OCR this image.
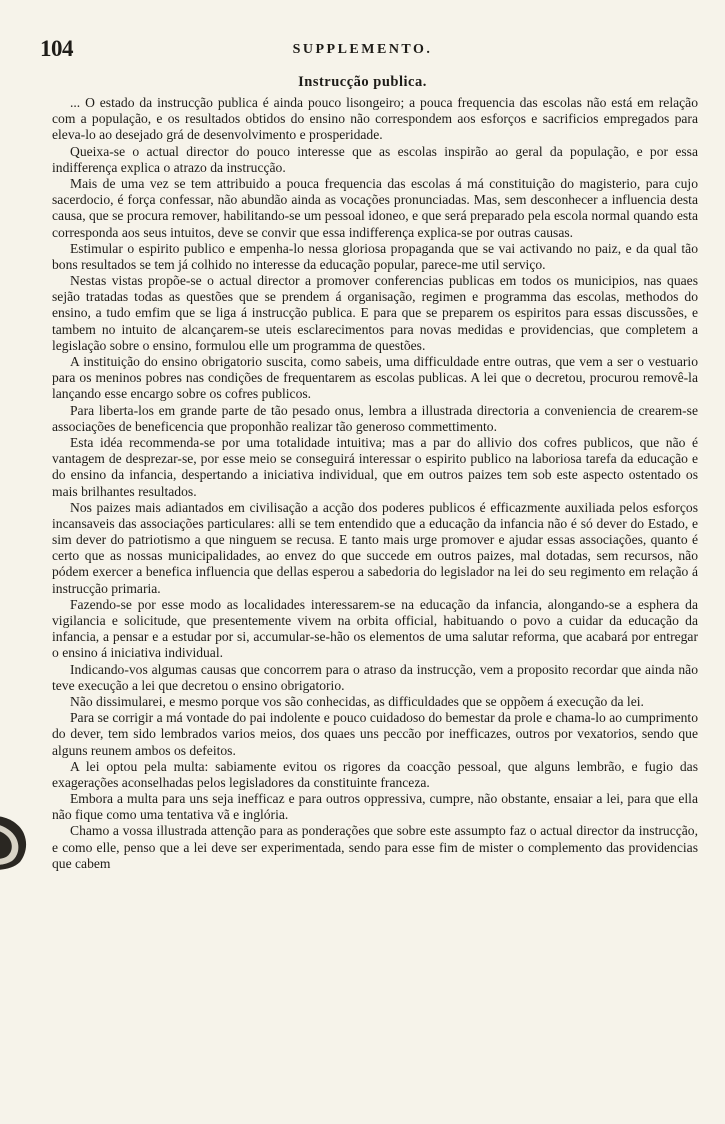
104	SUPPLEMENTO.
Instrucção publica.

... O estado da instrucção publica é ainda pouco lisongeiro; a pouca frequencia das escolas não está em relação com a população, e os resultados obtidos do ensino não correspondem aos esforços e sacrificios empregados para eleva-lo ao desejado grá de desenvolvimento e prosperidade.

Queixa-se o actual director do pouco interesse que as escolas inspirão ao geral da população, e por essa indifferença explica o atrazo da instrucção.

Mais de uma vez se tem attribuido a pouca frequencia das escolas á má constituição do magisterio, para cujo sacerdocio, é força confessar, não abundão ainda as vocações pronunciadas. Mas, sem desconhecer a influencia desta causa, que se procura remover, habilitando-se um pessoal idoneo, e que será preparado pela escola normal quando esta corresponda aos seus intuitos, deve se convir que essa indifferença explica-se por outras causas.

Estimular o espirito publico e empenha-lo nessa gloriosa propaganda que se vai activando no paiz, e da qual tão bons resultados se tem já colhido no interesse da educação popular, parece-me util serviço.

Nestas vistas propõe-se o actual director a promover conferencias publicas em todos os municipios, nas quaes sejão tratadas todas as questões que se prendem á organisação, regimen e programma das escolas, methodos do ensino, a tudo emfim que se liga á instrucção publica. E para que se preparem os espiritos para essas discussões, e tambem no intuito de alcançarem-se uteis esclarecimentos para novas medidas e providencias, que completem a legislação sobre o ensino, formulou elle um programma de questões.

A instituição do ensino obrigatorio suscita, como sabeis, uma difficuldade entre outras, que vem a ser o vestuario para os meninos pobres nas condições de frequentarem as escolas publicas. A lei que o decretou, procurou removê-la lançando esse encargo sobre os cofres publicos.

Para liberta-los em grande parte de tão pesado onus, lembra a illustrada directoria a conveniencia de crearem-se associações de beneficencia que proponhão realizar tão generoso commettimento.

Esta idéa recommenda-se por uma totalidade intuitiva; mas a par do allivio dos cofres publicos, que não é vantagem de desprezar-se, por esse meio se conseguirá interessar o espirito publico na laboriosa tarefa da educação e do ensino da infancia, despertando a iniciativa individual, que em outros paizes tem sob este aspecto ostentado os mais brilhantes resultados.

Nos paizes mais adiantados em civilisação a acção dos poderes publicos é efficazmente auxiliada pelos esforços incansaveis das associações particulares: alli se tem entendido que a educação da infancia não é só dever do Estado, e sim dever do patriotismo a que ninguem se recusa. E tanto mais urge promover e ajudar essas associações, quanto é certo que as nossas municipalidades, ao envez do que succede em outros paizes, mal dotadas, sem recursos, não pódem exercer a benefica influencia que dellas esperou a sabedoria do legislador na lei do seu regimento em relação á instrucção primaria.

Fazendo-se por esse modo as localidades interessarem-se na educação da infancia, alongando-se a esphera da vigilancia e solicitude, que presentemente vivem na orbita official, habituando o povo a cuidar da educação da infancia, a pensar e a estudar por si, accumular-se-hão os elementos de uma salutar reforma, que acabará por entregar o ensino á iniciativa individual.

Indicando-vos algumas causas que concorrem para o atraso da instrucção, vem a proposito recordar que ainda não teve execução a lei que decretou o ensino obrigatorio.

Não dissimularei, e mesmo porque vos são conhecidas, as difficuldades que se oppõem á execução da lei.

Para se corrigir a má vontade do pai indolente e pouco cuidadoso do bemestar da prole e chama-lo ao cumprimento do dever, tem sido lembrados varios meios, dos quaes uns peccão por inefficazes, outros por vexatorios, sendo que alguns reunem ambos os defeitos.

A lei optou pela multa: sabiamente evitou os rigores da coacção pessoal, que alguns lembrão, e fugio das exagerações aconselhadas pelos legisladores da constituinte franceza.

Embora a multa para uns seja inefficaz e para outros oppressiva, cumpre, não obstante, ensaiar a lei, para que ella não fique como uma tentativa vã e inglória.

Chamo a vossa illustrada attenção para as ponderações que sobre este assumpto faz o actual director da instrucção, e como elle, penso que a lei deve ser experimentada, sendo para esse fim de mister o complemento das providencias que cabem
